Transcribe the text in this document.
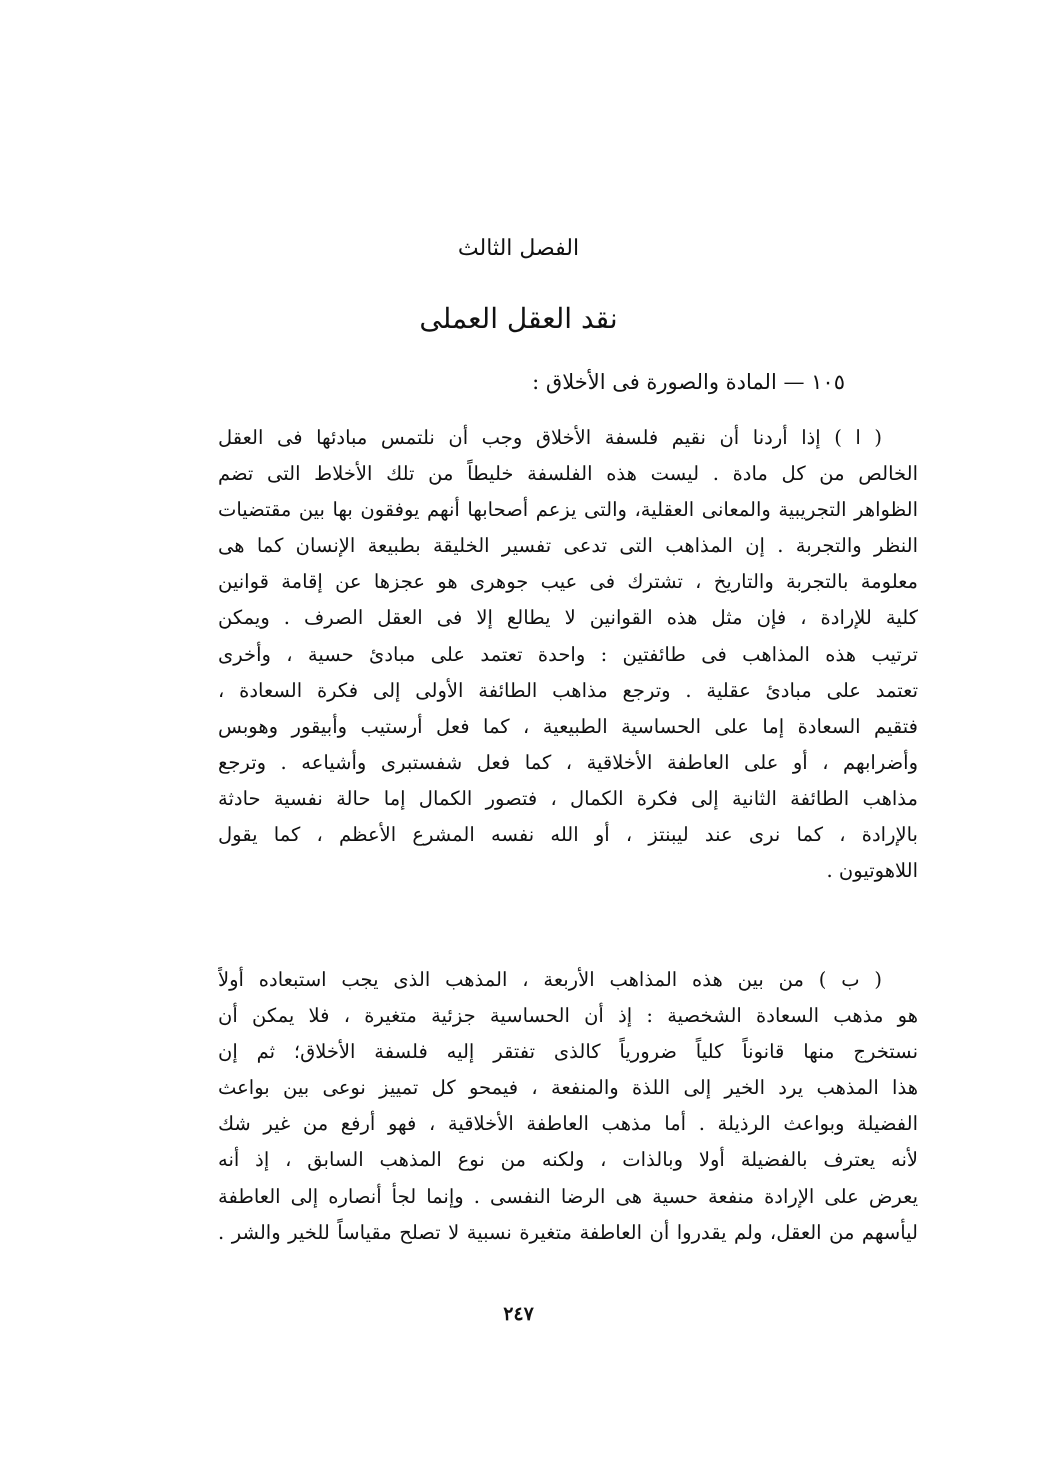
الفصل الثالث
نقد العقل العملى
١٠٥ — المادة والصورة فى الأخلاق :
( ا ) إذا أردنا أن نقيم فلسفة الأخلاق وجب أن نلتمس مبادئها فى العقل
الخالص من كل مادة . ليست هذه الفلسفة خليطاً من تلك الأخلاط التى تضم
الظواهر التجريبية والمعانى العقلية، والتى يزعم أصحابها أنهم يوفقون بها بين مقتضيات
النظر والتجربة . إن المذاهب التى تدعى تفسير الخليقة بطبيعة الإنسان كما هى
معلومة بالتجربة والتاريخ ، تشترك فى عيب جوهرى هو عجزها عن إقامة قوانين
كلية للإرادة ، فإن مثل هذه القوانين لا يطالع إلا فى العقل الصرف . ويمكن
ترتيب هذه المذاهب فى طائفتين : واحدة تعتمد على مبادئ حسية ، وأخرى
تعتمد على مبادئ عقلية . وترجع مذاهب الطائفة الأولى إلى فكرة السعادة ،
فتقيم السعادة إما على الحساسية الطبيعية ، كما فعل أرستيب وأبيقور وهوبس
وأضرابهم ، أو على العاطفة الأخلاقية ، كما فعل شفستبرى وأشياعه . وترجع
مذاهب الطائفة الثانية إلى فكرة الكمال ، فتصور الكمال إما حالة نفسية حادثة
بالإرادة ، كما نرى عند ليبنتز ، أو الله نفسه المشرع الأعظم ، كما يقول
اللاهوتيون .
( ب ) من بين هذه المذاهب الأربعة ، المذهب الذى يجب استبعاده أولاً
هو مذهب السعادة الشخصية : إذ أن الحساسية جزئية متغيرة ، فلا يمكن أن
نستخرج منها قانوناً كلياً ضرورياً كالذى تفتقر إليه فلسفة الأخلاق؛ ثم إن
هذا المذهب يرد الخير إلى اللذة والمنفعة ، فيمحو كل تمييز نوعى بين بواعث
الفضيلة وبواعث الرذيلة . أما مذهب العاطفة الأخلاقية ، فهو أرفع من غير شك
لأنه يعترف بالفضيلة أولا وبالذات ، ولكنه من نوع المذهب السابق ، إذ أنه
يعرض على الإرادة منفعة حسية هى الرضا النفسى . وإنما لجأ أنصاره إلى العاطفة
ليأسهم من العقل، ولم يقدروا أن العاطفة متغيرة نسبية لا تصلح مقياساً للخير والشر .
٢٤٧
